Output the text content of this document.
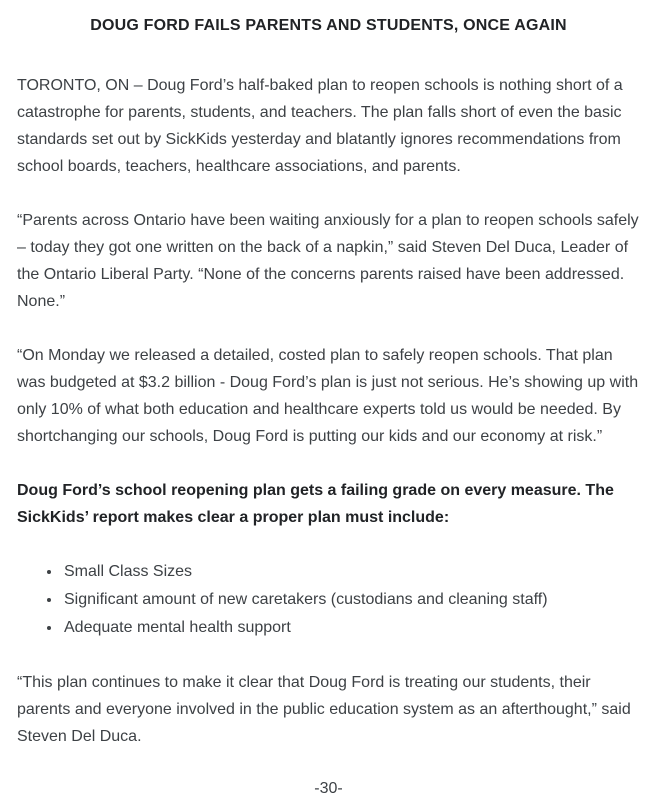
DOUG FORD FAILS PARENTS AND STUDENTS, ONCE AGAIN

TORONTO, ON – Doug Ford’s half-baked plan to reopen schools is nothing short of a catastrophe for parents, students, and teachers. The plan falls short of even the basic standards set out by SickKids yesterday and blatantly ignores recommendations from school boards, teachers, healthcare associations, and parents.

“Parents across Ontario have been waiting anxiously for a plan to reopen schools safely – today they got one written on the back of a napkin,” said Steven Del Duca, Leader of the Ontario Liberal Party. “None of the concerns parents raised have been addressed. None.”

“On Monday we released a detailed, costed plan to safely reopen schools. That plan was budgeted at $3.2 billion - Doug Ford’s plan is just not serious. He’s showing up with only 10% of what both education and healthcare experts told us would be needed. By shortchanging our schools, Doug Ford is putting our kids and our economy at risk.”

Doug Ford’s school reopening plan gets a failing grade on every measure. The SickKids’ report makes clear a proper plan must include:

• Small Class Sizes
• Significant amount of new caretakers (custodians and cleaning staff)
• Adequate mental health support

“This plan continues to make it clear that Doug Ford is treating our students, their parents and everyone involved in the public education system as an afterthought,” said Steven Del Duca.

-30-
